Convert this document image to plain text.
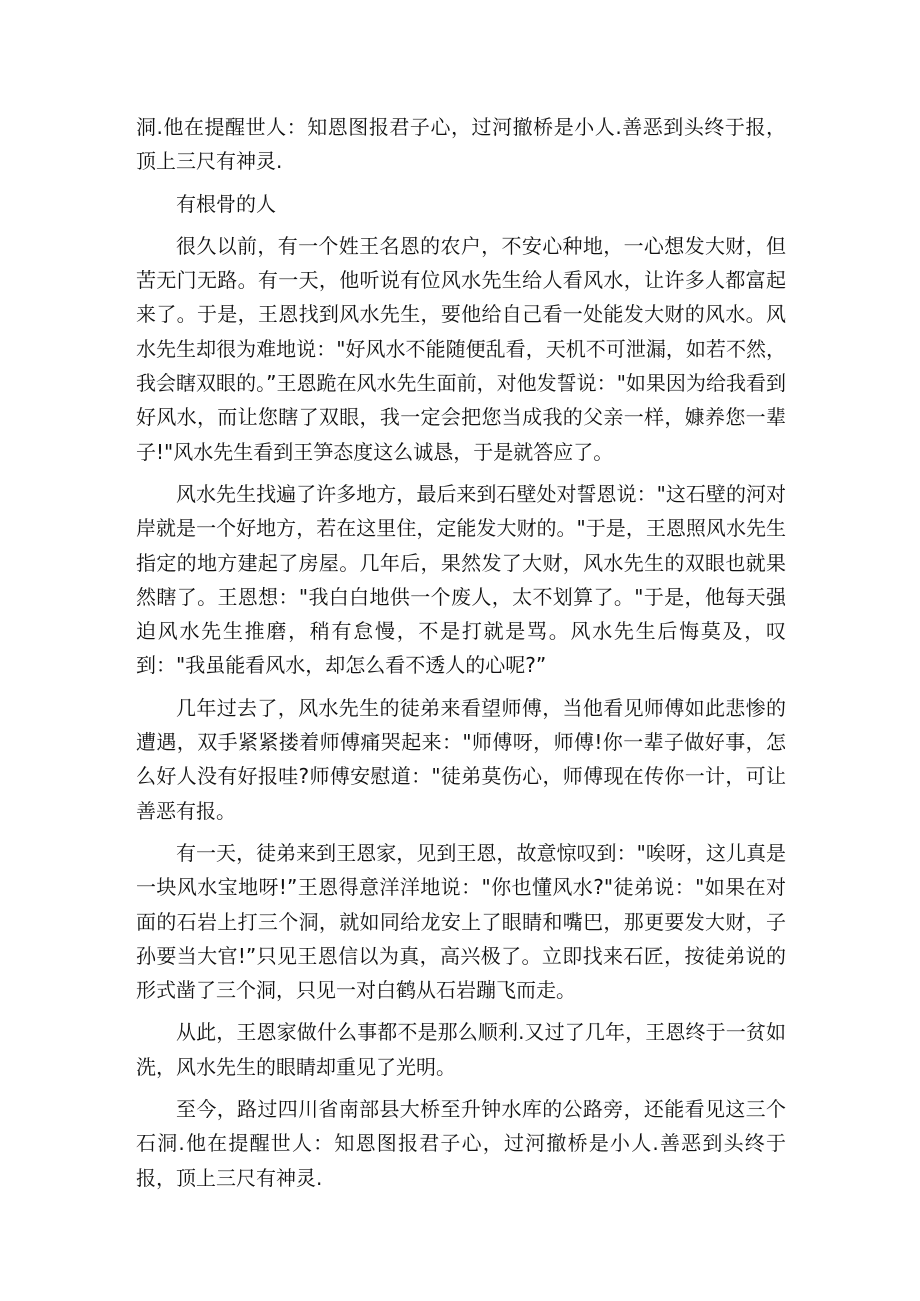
洞.他在提醒世人：知恩图报君子心，过河撤桥是小人.善恶到头终于报，顶上三尺有神灵.

有根骨的人

很久以前，有一个姓王名恩的农户，不安心种地，一心想发大财，但苦无门无路。有一天，他听说有位风水先生给人看风水，让许多人都富起来了。于是，王恩找到风水先生，要他给自己看一处能发大财的风水。风水先生却很为难地说："好风水不能随便乱看，天机不可泄漏，如若不然，我会瞎双眼的。”王恩跪在风水先生面前，对他发誓说："如果因为给我看到好风水，而让您瞎了双眼，我一定会把您当成我的父亲一样，嫝养您一辈子!"风水先生看到王笋态度这么诚恳，于是就答应了。

风水先生找遍了许多地方，最后来到石壁处对誓恩说："这石壁的河对岸就是一个好地方，若在这里住，定能发大财的。"于是，王恩照风水先生指定的地方建起了房屋。几年后，果然发了大财，风水先生的双眼也就果然瞎了。王恩想："我白白地供一个废人，太不划算了。"于是，他每天强迫风水先生推磨，稍有怠慢，不是打就是骂。风水先生后悔莫及，叹到："我虽能看风水，却怎么看不透人的心呢?”

几年过去了，风水先生的徒弟来看望师傅，当他看见师傅如此悲惨的遭遇，双手紧紧搂着师傅痛哭起来："师傅呀，师傅!你一辈子做好事，怎么好人没有好报哇?师傅安慰道："徒弟莫伤心，师傅现在传你一计，可让善恶有报。

有一天，徒弟来到王恩家，见到王恩，故意惊叹到："唉呀，这儿真是一块风水宝地呀!”王恩得意洋洋地说："你也懂风水?"徒弟说："如果在对面的石岩上打三个洞，就如同给龙安上了眼睛和嘴巴，那更要发大财，子孙要当大官!”只见王恩信以为真，高兴极了。立即找来石匠，按徒弟说的形式凿了三个洞，只见一对白鹤从石岩蹦飞而走。

从此，王恩家做什么事都不是那么顺利.又过了几年，王恩终于一贫如洗，风水先生的眼睛却重见了光明。

至今，路过四川省南部县大桥至升钟水库的公路旁，还能看见这三个石洞.他在提醒世人：知恩图报君子心，过河撤桥是小人.善恶到头终于报，顶上三尺有神灵.
